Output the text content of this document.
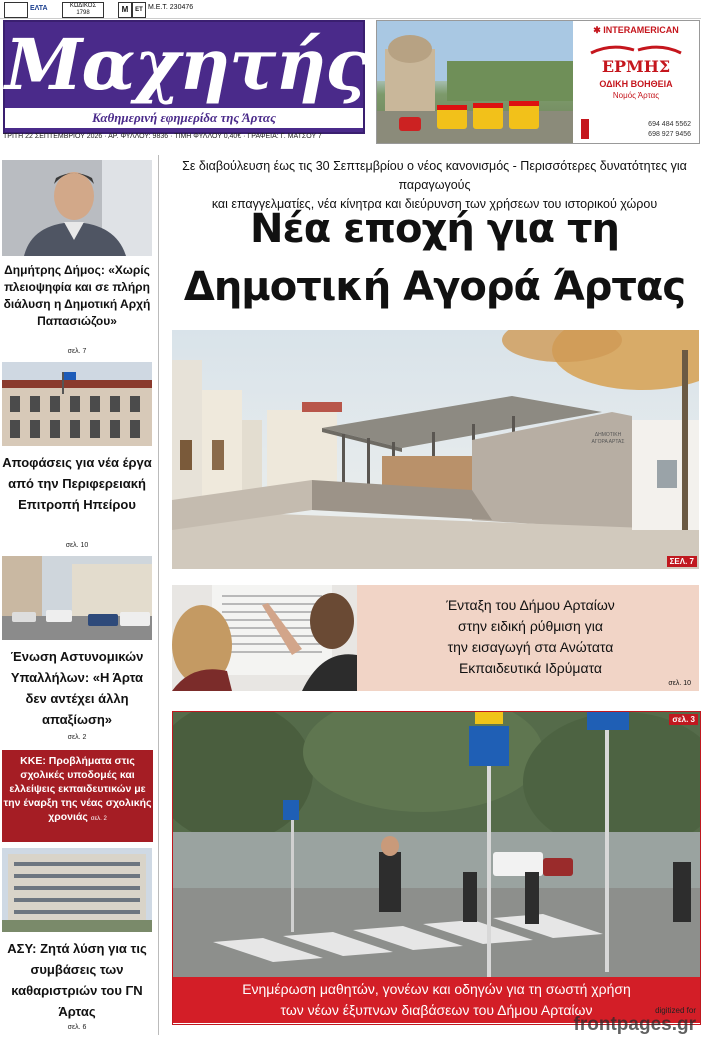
ΕΛΤΑ	ΚΩΔΙΚΟΣ
1798	Μ	ΕΤ Μ.Ε.Τ. 230476
Μαχητής
Καθημερινή εφημερίδα της Άρτας
✱ INTERAMERICAN
ΕΡΜΗΣ
ΟΔΙΚΗ ΒΟΗΘΕΙΑ
Νομός Άρτας
694 484 5562
698 927 9456
ΤΡΙΤΗ 22 ΣΕΠΤΕΜΒΡΙΟΥ 2026 · ΑΡ. ΦΥΛΛΟΥ: 9836 · ΤΙΜΗ ΦΥΛΛΟΥ 0,40€ · ΓΡΑΦΕΙΑ: Γ. ΜΑΤΣΟΥ 7
Δημήτρης Δήμος: «Χωρίς πλειοψηφία και σε πλήρη διάλυση η Δημοτική Αρχή Παπασιώζου»
σελ. 7
Αποφάσεις για νέα έργα από την Περιφερειακή Επιτροπή Ηπείρου
σελ. 10
Ένωση Αστυνομικών Υπαλλήλων: «Η Άρτα δεν αντέχει άλλη απαξίωση»
σελ. 2
ΚΚΕ: Προβλήματα στις σχολικές υποδομές και ελλείψεις εκπαιδευτικών με την έναρξη της νέας σχολικής χρονιάς σελ. 2
ΑΣΥ: Ζητά λύση για τις συμβάσεις των καθαριστριών του ΓΝ Άρτας
σελ. 6
Σε διαβούλευση έως τις 30 Σεπτεμβρίου ο νέος κανονισμός - Περισσότερες δυνατότητες για παραγωγούς
και επαγγελματίες, νέα κίνητρα και διεύρυνση των χρήσεων του ιστορικού χώρου
Νέα εποχή για τη
Δημοτική Αγορά Άρτας
ΔΗΜΟΤΙΚΗ ΑΓΟΡΑ ΑΡΤΑΣ
ΣΕΛ. 7
Ένταξη του Δήμου Αρταίων
στην ειδική ρύθμιση για
την εισαγωγή στα Ανώτατα
Εκπαιδευτικά Ιδρύματα
σελ. 10
σελ. 3
Ενημέρωση μαθητών, γονέων και οδηγών για τη σωστή χρήση
των νέων έξυπνων διαβάσεων του Δήμου Αρταίων	digitized for
frontpages.gr
